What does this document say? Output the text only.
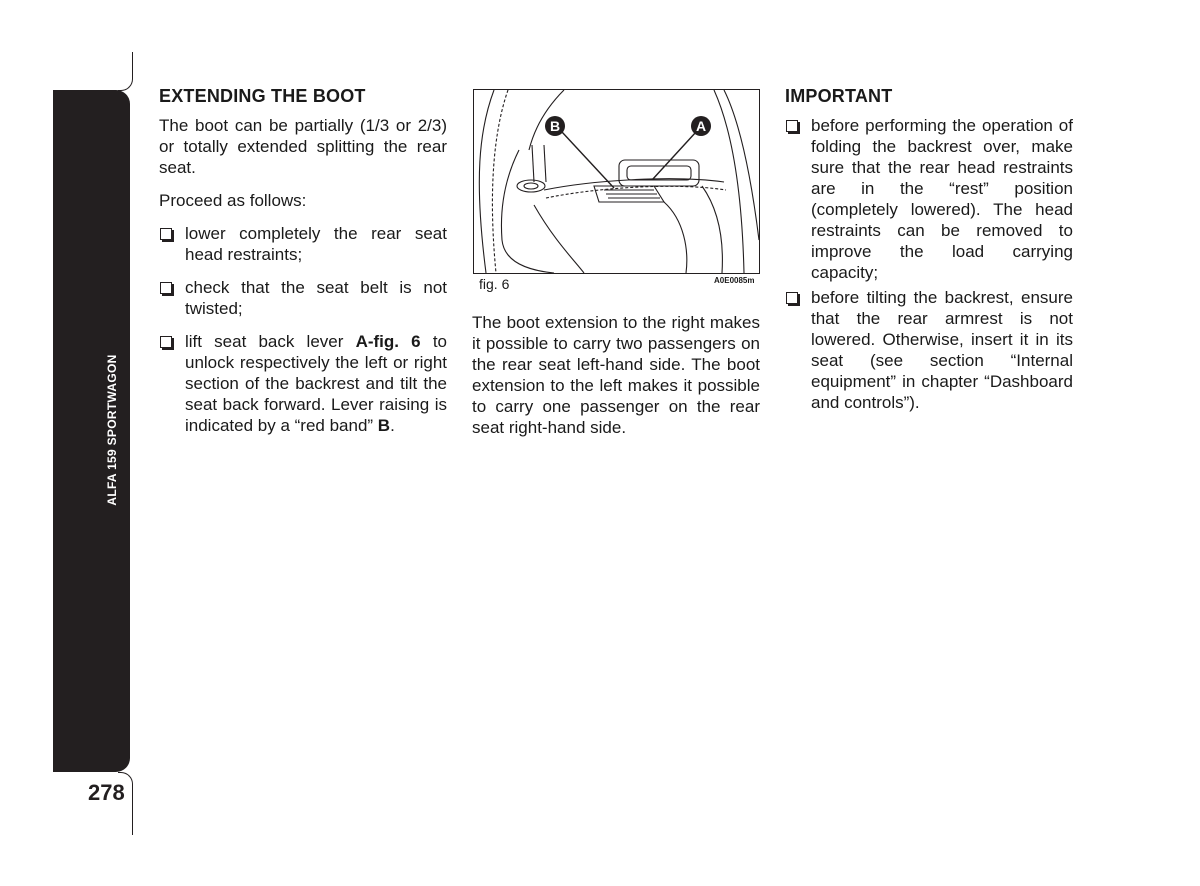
ALFA 159 SPORTWAGON
278
EXTENDING THE BOOT

The boot can be partially (1/3 or 2/3) or totally extended splitting the rear seat.

Proceed as follows:

lower completely the rear seat head restraints;
check that the seat belt is not twisted;
lift seat back lever A-fig. 6 to unlock respectively the left or right section of the backrest and tilt the seat back forward. Lever raising is indicated by a “red band” B.
B	A
fig. 6	A0E0085m

The boot extension to the right makes it possible to carry two passengers on the rear seat left-hand side. The boot extension to the left makes it possible to carry one passenger on the rear seat right-hand side.

IMPORTANT
before performing the operation of folding the backrest over, make sure that the rear head restraints are in the “rest” position (completely lowered). The head restraints can be removed to improve the load carrying capacity;
before tilting the backrest, ensure that the rear armrest is not lowered. Otherwise, insert it in its seat (see section “Internal equipment” in chapter “Dashboard and controls”).
